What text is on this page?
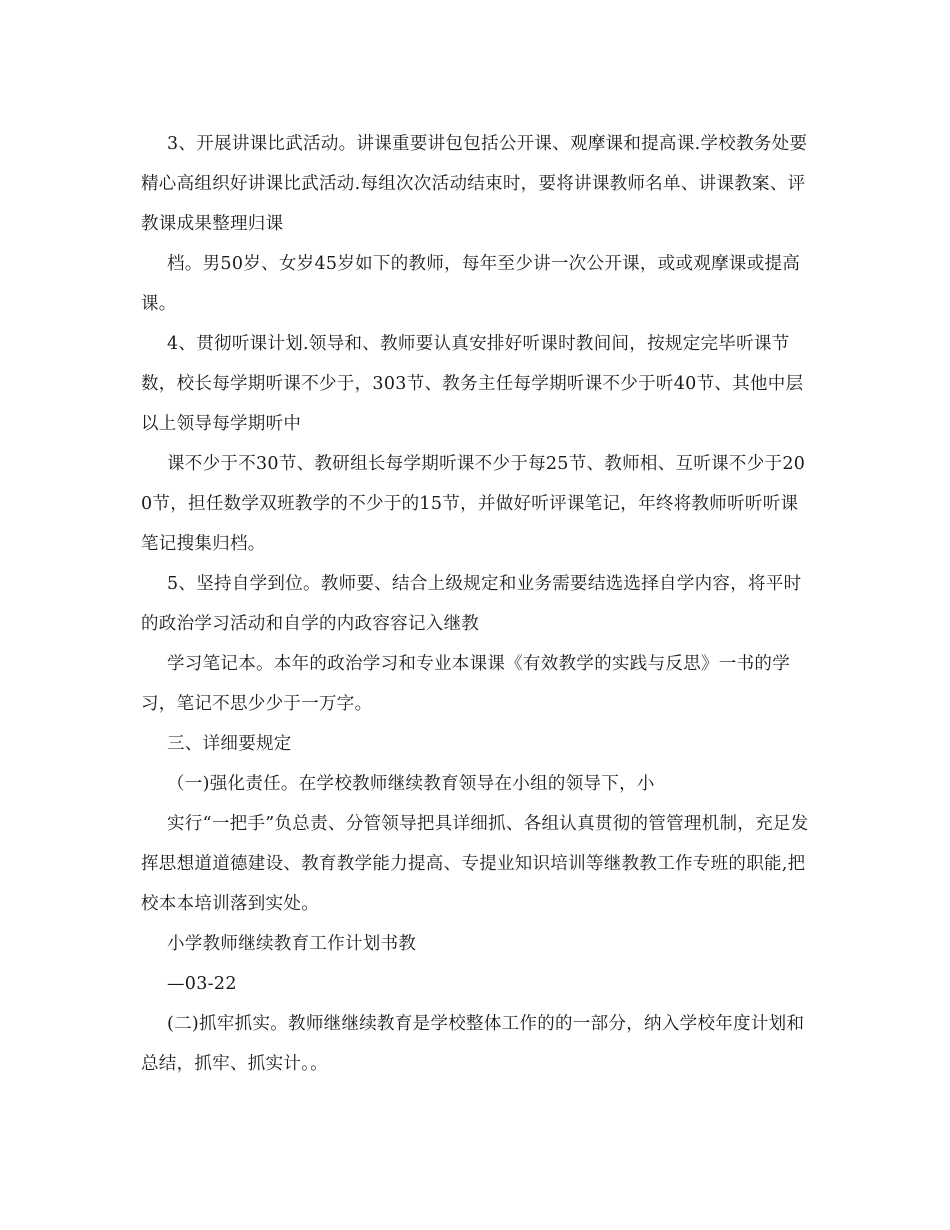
3、开展讲课比武活动。讲课重要讲包包括公开课、观摩课和提高课.学校教务处要精心高组织好讲课比武活动.每组次次活动结束时，要将讲课教师名单、讲课教案、评教课成果整理归课

档。男50岁、女岁45岁如下的教师，每年至少讲一次公开课，或或观摩课或提高课。

4、贯彻听课计划.领导和、教师要认真安排好听课时教间间，按规定完毕听课节数，校长每学期听课不少于，303节、教务主任每学期听课不少于听40节、其他中层以上领导每学期听中

课不少于不30节、教研组长每学期听课不少于每25节、教师相、互听课不少于200节，担任数学双班教学的不少于的15节，并做好听评课笔记，年终将教师听听听课笔记搜集归档。

5、坚持自学到位。教师要、结合上级规定和业务需要结选选择自学内容，将平时的政治学习活动和自学的内政容容记入继教

学习笔记本。本年的政治学习和专业本课课《有效教学的实践与反思》一书的学习，笔记不思少少于一万字。

三、详细要规定

（一)强化责任。在学校教师继续教育领导在小组的领导下，小

实行“一把手”负总责、分管领导把具详细抓、各组认真贯彻的管管理机制，充足发挥思想道道德建设、教育教学能力提高、专提业知识培训等继教教工作专班的职能,把校本本培训落到实处。

小学教师继续教育工作计划书教

—03-22

(二)抓牢抓实。教师继继续教育是学校整体工作的的一部分，纳入学校年度计划和总结，抓牢、抓实计。。
